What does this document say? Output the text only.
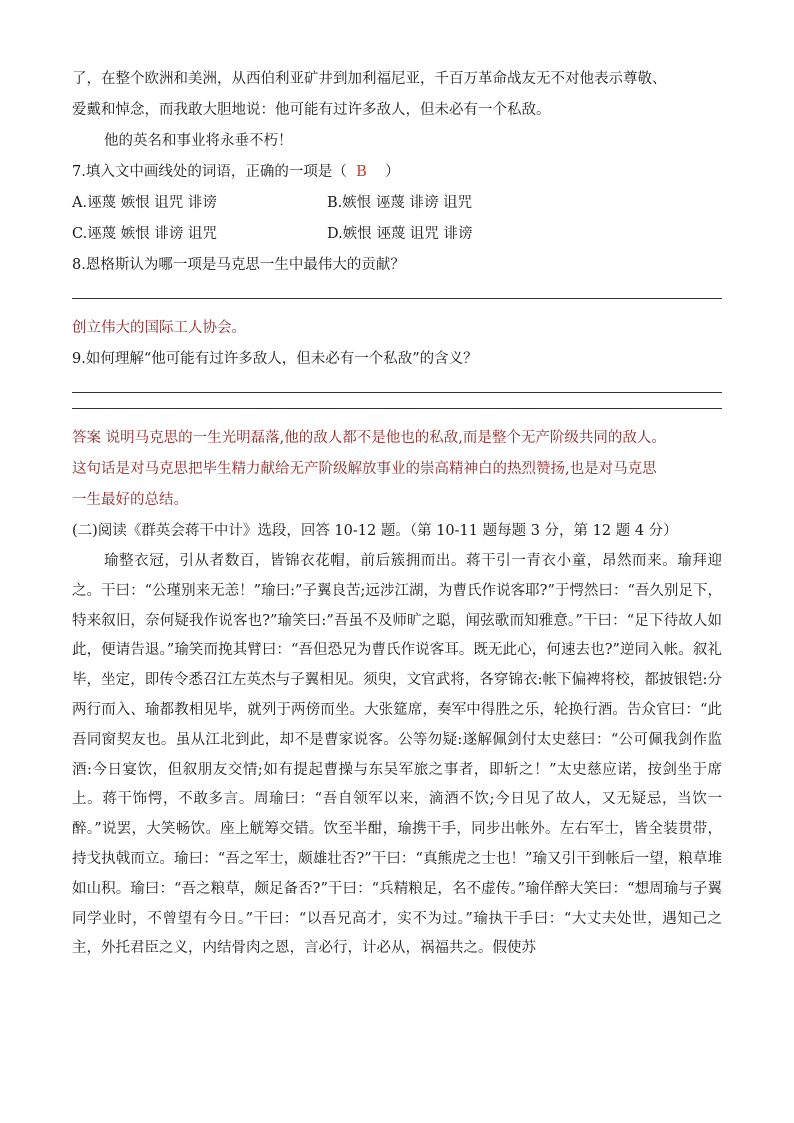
了，在整个欧洲和美洲，从西伯利亚矿井到加利福尼亚，千百万革命战友无不对他表示尊敬、
爱戴和悼念，而我敢大胆地说：他可能有过许多敌人，但未必有一个私敌。
他的英名和事业将永垂不朽！
7.填入文中画线处的词语，正确的一项是（ B ）
A.诬蔑 嫉恨 诅咒 诽谤	B.嫉恨 诬蔑 诽谤 诅咒
C.诬蔑 嫉恨 诽谤 诅咒	D.嫉恨 诬蔑 诅咒 诽谤
8.恩格斯认为哪一项是马克思一生中最伟大的贡献？
创立伟大的国际工人协会。
9.如何理解“他可能有过许多敌人，但未必有一个私敌”的含义？
答案 说明马克思的一生光明磊落,他的敌人都不是他也的私敌,而是整个无产阶级共同的敌人。
这句话是对马克思把毕生精力献给无产阶级解放事业的崇高精神白的热烈赞扬,也是对马克思
一生最好的总结。
(二)阅读《群英会蒋干中计》选段，回答 10-12 题。（第 10-11 题每题 3 分，第 12 题 4 分）
瑜整衣冠，引从者数百，皆锦衣花帽，前后簇拥而出。蒋干引一青衣小童，昂然而来。瑜拜迎之。干曰：“公瑾别来无恙！”瑜曰:”子翼良苦;远涉江湖，为曹氏作说客耶?”于愕然曰：“吾久别足下，特来叙旧，奈何疑我作说客也?”瑜笑曰:”吾虽不及师旷之聪，闻弦歌而知雅意。”干曰：“足下待故人如此，便请告退。”瑜笑而挽其臂曰：“吾但恐兄为曹氏作说客耳。既无此心，何速去也?”逆同入帐。叙礼毕，坐定，即传令悉召江左英杰与子翼相见。须臾，文官武将，各穿锦衣:帐下偏裨将校，都披银铠:分两行而入、瑜都教相见毕，就列于两傍而坐。大张筵席，奏军中得胜之乐，轮换行酒。告众官曰：“此吾同窗契友也。虽从江北到此，却不是曹家说客。公等勿疑:遂解佩剑付太史慈曰：“公可佩我剑作监酒:今日宴饮，但叙朋友交情;如有提起曹操与东吴军旅之事者，即斩之！”太史慈应诺，按剑坐于席上。蒋干饰愕，不敢多言。周瑜曰：“吾自领军以来，滴酒不饮;今日见了故人，又无疑忌，当饮一醉。”说罢，大笑畅饮。座上觥筹交错。饮至半酣，瑜携干手，同步出帐外。左右军士，皆全装贯带，持戈执戟而立。瑜曰：“吾之军士，颇雄壮否?”干曰：“真熊虎之士也！”瑜又引干到帐后一望，粮草堆如山积。瑜曰：“吾之粮草，颇足备否?”干曰：“兵精粮足，名不虚传。”瑜佯醉大笑曰：“想周瑜与子翼同学业时，不曾望有今日。”干曰：“以吾兄高才，实不为过。”瑜执干手曰：“大丈夫处世，遇知己之主，外托君臣之义，内结骨肉之恩，言必行，计必从，祸福共之。假使苏
